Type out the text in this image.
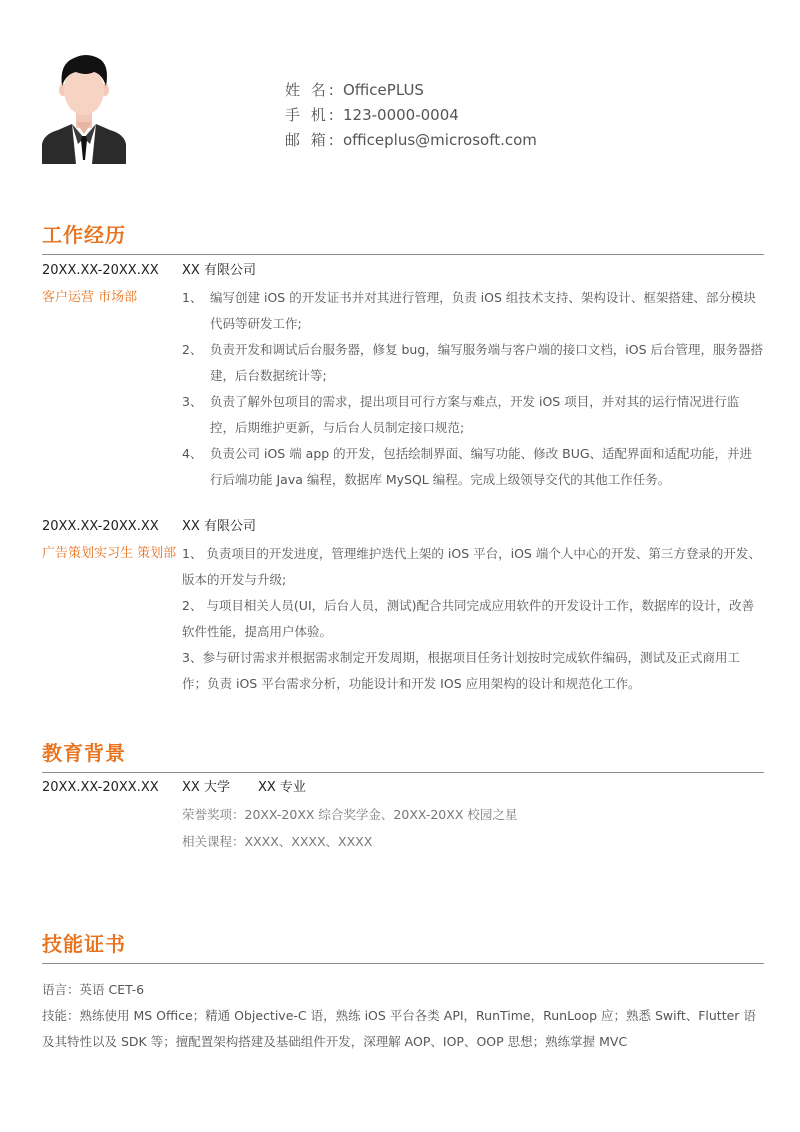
姓 名: OfficePLUS
手 机: 123-0000-0004
邮 箱: officeplus@microsoft.com
工作经历
20XX.XX-20XX.XX	XX 有限公司
客户运营 市场部	1、 编写创建 iOS 的开发证书并对其进行管理，负责 iOS 组技术支持、架构设计、框架搭建、部分模块代码等研发工作;
2、 负责开发和调试后台服务器，修复 bug，编写服务端与客户端的接口文档，iOS 后台管理，服务器搭建，后台数据统计等;
3、 负责了解外包项目的需求，提出项目可行方案与难点，开发 iOS 项目，并对其的运行情况进行监控，后期维护更新，与后台人员制定接口规范;
4、 负责公司 iOS 端 app 的开发，包括绘制界面、编写功能、修改 BUG、适配界面和适配功能，并进行后端功能 Java 编程，数据库 MySQL 编程。完成上级领导交代的其他工作任务。
20XX.XX-20XX.XX	XX 有限公司
广告策划实习生 策划部 1、 负责项目的开发进度，管理维护迭代上架的 iOS 平台，iOS 端个人中心的开发、第三方登录的开发、版本的开发与升级;
2、 与项目相关人员(UI，后台人员，测试)配合共同完成应用软件的开发设计工作，数据库的设计，改善软件性能，提高用户体验。
3、参与研讨需求并根据需求制定开发周期，根据项目任务计划按时完成软件编码，测试及正式商用工作；负责 iOS 平台需求分析，功能设计和开发 IOS 应用架构的设计和规范化工作。
教育背景
20XX.XX-20XX.XX	XX 大学 XX 专业
荣誉奖项：20XX-20XX 综合奖学金、20XX-20XX 校园之星
相关课程：XXXX、XXXX、XXXX
技能证书
语言：英语 CET-6
技能：熟练使用 MS Office；精通 Objective-C 语，熟练 iOS 平台各类 API，RunTime，RunLoop 应；熟悉 Swift、Flutter 语及其特性以及 SDK 等；擅配置架构搭建及基础组件开发，深理解 AOP、IOP、OOP 思想；熟练掌握 MVC
